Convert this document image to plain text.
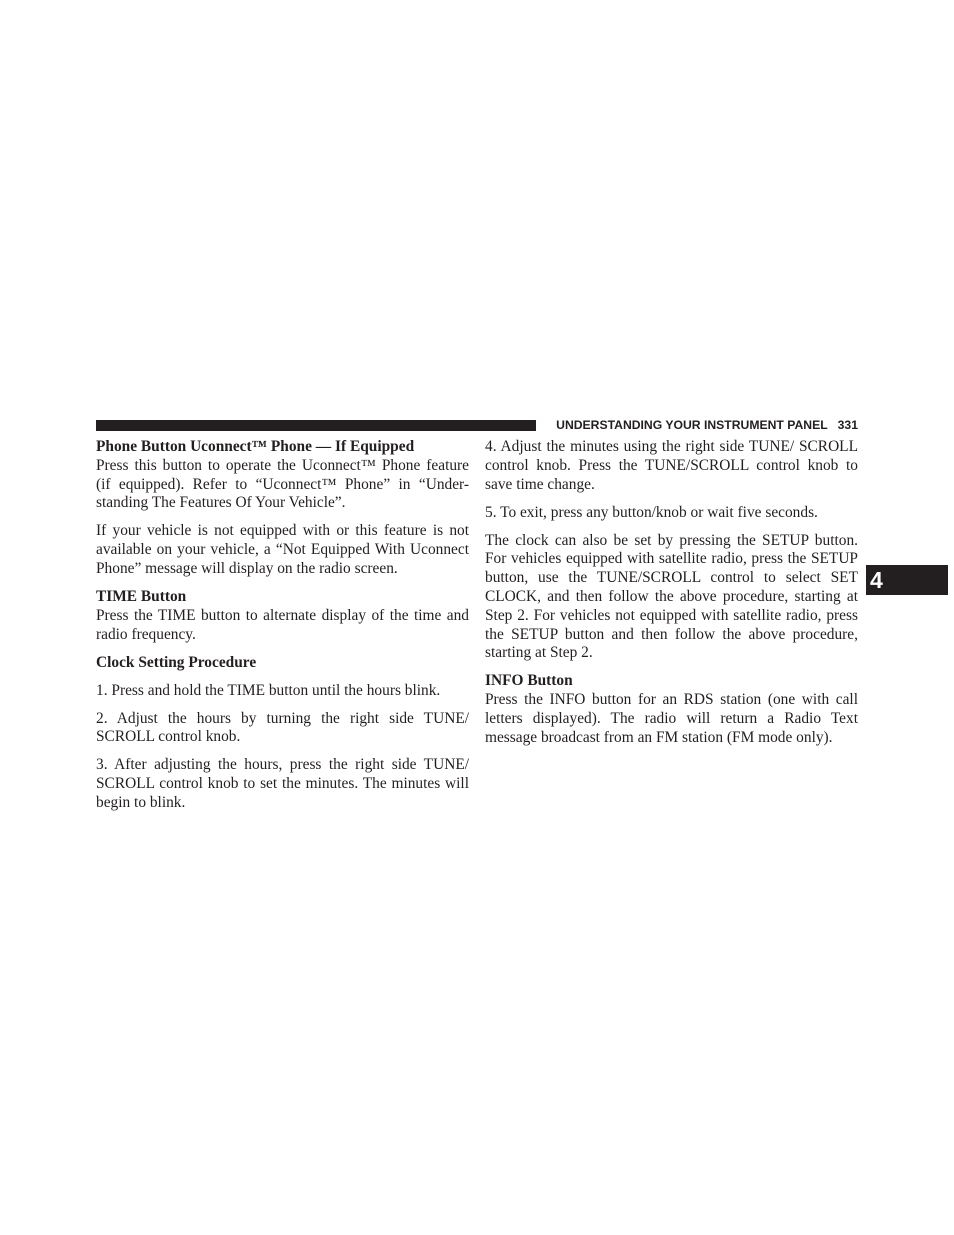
UNDERSTANDING YOUR INSTRUMENT PANEL 331
4
Phone Button Uconnect™ Phone — If Equipped

Press this button to operate the Uconnect™ Phone feature (if equipped). Refer to “Uconnect™ Phone” in “Under-standing The Features Of Your Vehicle”.

If your vehicle is not equipped with or this feature is not available on your vehicle, a “Not Equipped With Uconnect Phone” message will display on the radio screen.

TIME Button

Press the TIME button to alternate display of the time and radio frequency.

Clock Setting Procedure

1. Press and hold the TIME button until the hours blink.

2. Adjust the hours by turning the right side TUNE/ SCROLL control knob.

3. After adjusting the hours, press the right side TUNE/ SCROLL control knob to set the minutes. The minutes will begin to blink.

4. Adjust the minutes using the right side TUNE/ SCROLL control knob. Press the TUNE/SCROLL control knob to save time change.

5. To exit, press any button/knob or wait five seconds.

The clock can also be set by pressing the SETUP button. For vehicles equipped with satellite radio, press the SETUP button, use the TUNE/SCROLL control to select SET CLOCK, and then follow the above procedure, starting at Step 2. For vehicles not equipped with satellite radio, press the SETUP button and then follow the above procedure, starting at Step 2.

INFO Button

Press the INFO button for an RDS station (one with call letters displayed). The radio will return a Radio Text message broadcast from an FM station (FM mode only).
